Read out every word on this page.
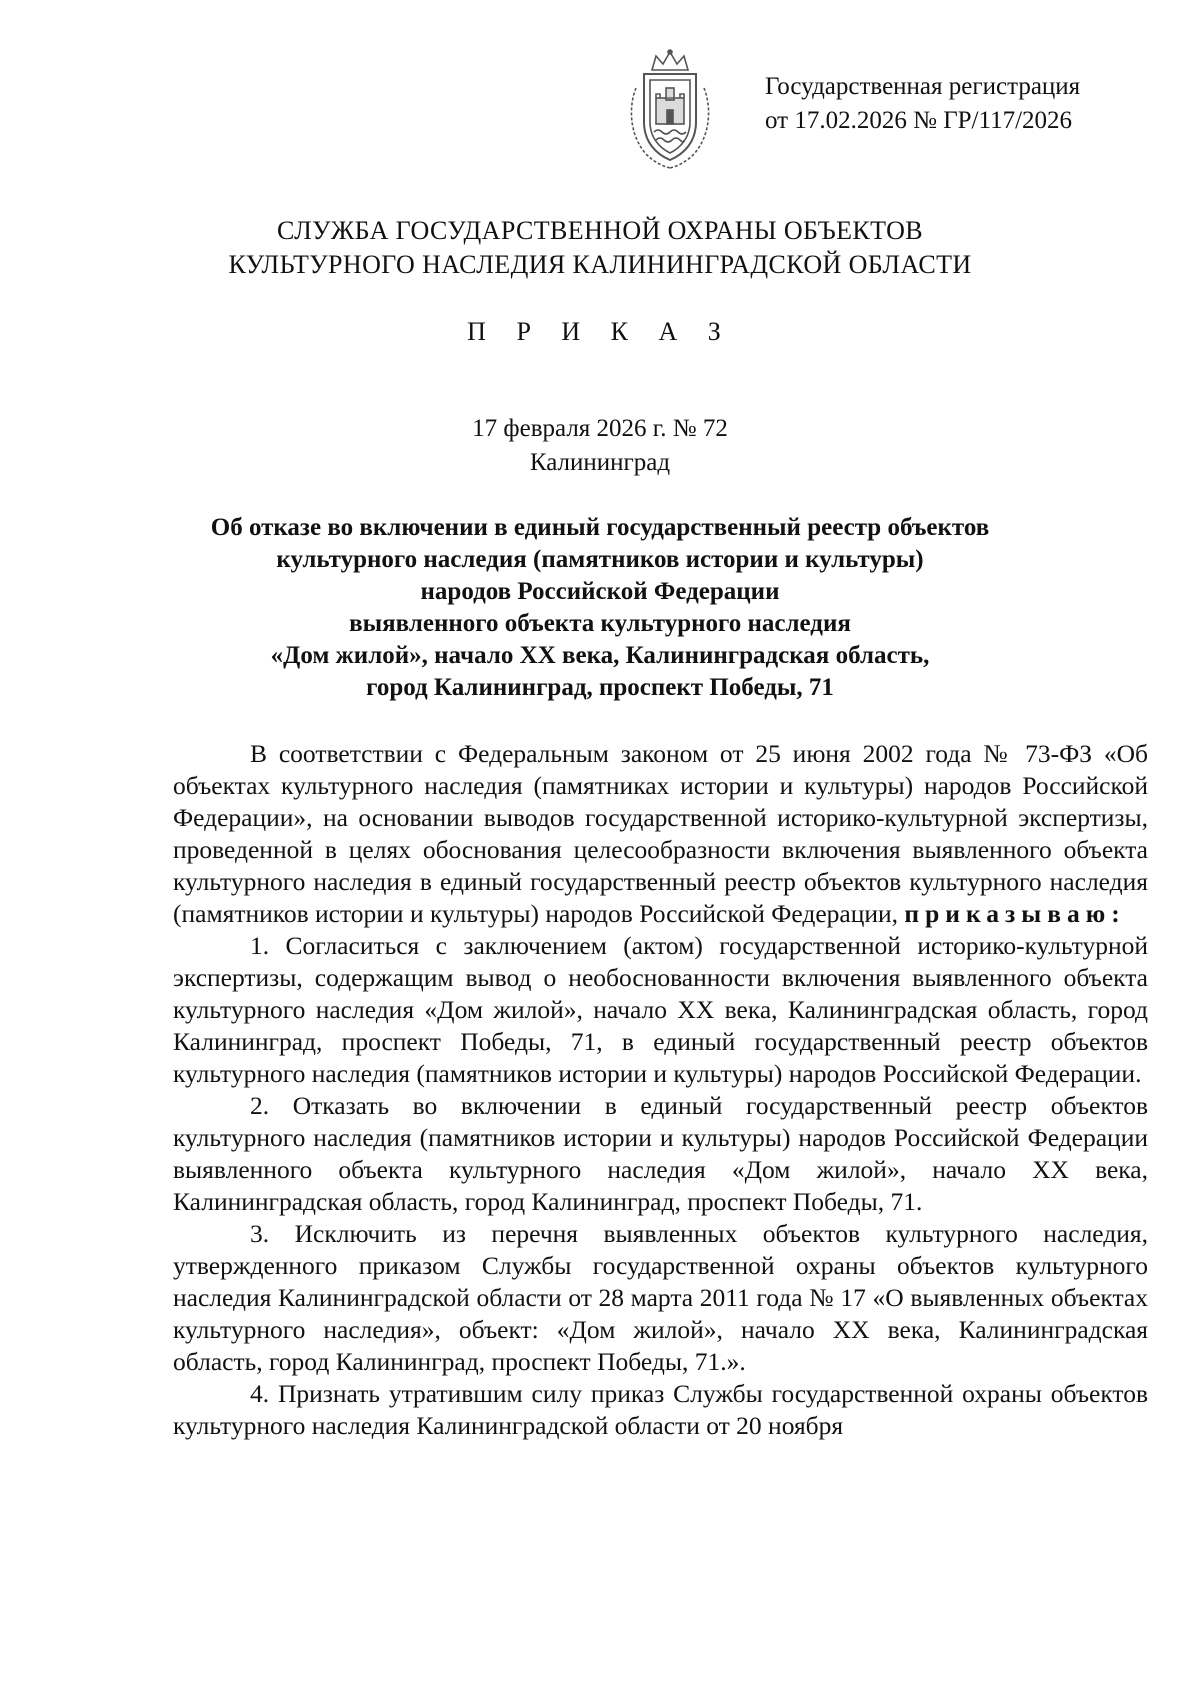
Государственная регистрация
от 17.02.2026 № ГР/117/2026
СЛУЖБА ГОСУДАРСТВЕННОЙ ОХРАНЫ ОБЪЕКТОВ
КУЛЬТУРНОГО НАСЛЕДИЯ КАЛИНИНГРАДСКОЙ ОБЛАСТИ
П Р И К А З
17 февраля 2026 г. № 72
Калининград
Об отказе во включении в единый государственный реестр объектов
культурного наследия (памятников истории и культуры)
народов Российской Федерации
выявленного объекта культурного наследия
«Дом жилой», начало XX века, Калининградская область,
город Калининград, проспект Победы, 71

В соответствии с Федеральным законом от 25 июня 2002 года № 73-ФЗ «Об объектах культурного наследия (памятниках истории и культуры) народов Российской Федерации», на основании выводов государственной историко-культурной экспертизы, проведенной в целях обоснования целесообразности включения выявленного объекта культурного наследия в единый государственный реестр объектов культурного наследия (памятников истории и культуры) народов Российской Федерации, приказываю:

1. Согласиться с заключением (актом) государственной историко-культурной экспертизы, содержащим вывод о необоснованности включения выявленного объекта культурного наследия «Дом жилой», начало XX века, Калининградская область, город Калининград, проспект Победы, 71, в единый государственный реестр объектов культурного наследия (памятников истории и культуры) народов Российской Федерации.

2. Отказать во включении в единый государственный реестр объектов культурного наследия (памятников истории и культуры) народов Российской Федерации выявленного объекта культурного наследия «Дом жилой», начало XX века, Калининградская область, город Калининград, проспект Победы, 71.

3. Исключить из перечня выявленных объектов культурного наследия, утвержденного приказом Службы государственной охраны объектов культурного наследия Калининградской области от 28 марта 2011 года № 17 «О выявленных объектах культурного наследия», объект: «Дом жилой», начало XX века, Калининградская область, город Калининград, проспект Победы, 71.».

4. Признать утратившим силу приказ Службы государственной охраны объектов культурного наследия Калининградской области от 20 ноября
